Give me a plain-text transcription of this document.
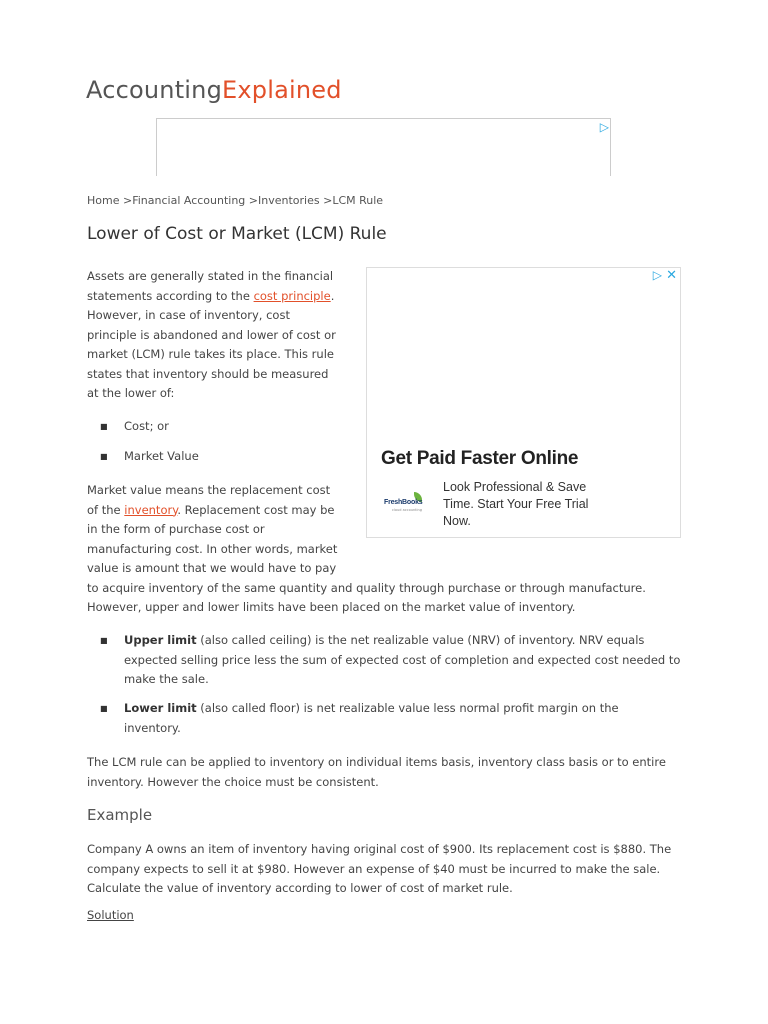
AccountingExplained
▷
Home >Financial Accounting >Inventories >LCM Rule
Lower of Cost or Market (LCM) Rule

Assets are generally stated in the financial
statements according to the cost principle.
However, in case of inventory, cost
principle is abandoned and lower of cost or
market (LCM) rule takes its place. This rule
states that inventory should be measured
at the lower of:

■ Cost; or

■ Market Value

Market value means the replacement cost
of the inventory. Replacement cost may be
in the form of purchase cost or
manufacturing cost. In other words, market
value is amount that we would have to pay
to acquire inventory of the same quantity and quality through purchase or through manufacture.
However, upper and lower limits have been placed on the market value of inventory.

▷ ✕
Get Paid Faster Online
FreshBooks
cloud accounting
Look Professional & Save Time. Start Your Free Trial Now.
■ Upper limit (also called ceiling) is the net realizable value (NRV) of inventory. NRV equals
expected selling price less the sum of expected cost of completion and expected cost needed to
make the sale.

■ Lower limit (also called floor) is net realizable value less normal profit margin on the
inventory.

The LCM rule can be applied to inventory on individual items basis, inventory class basis or to entire
inventory. However the choice must be consistent.

Example

Company A owns an item of inventory having original cost of $900. Its replacement cost is $880. The
company expects to sell it at $980. However an expense of $40 must be incurred to make the sale.
Calculate the value of inventory according to lower of cost of market rule.

Solution
